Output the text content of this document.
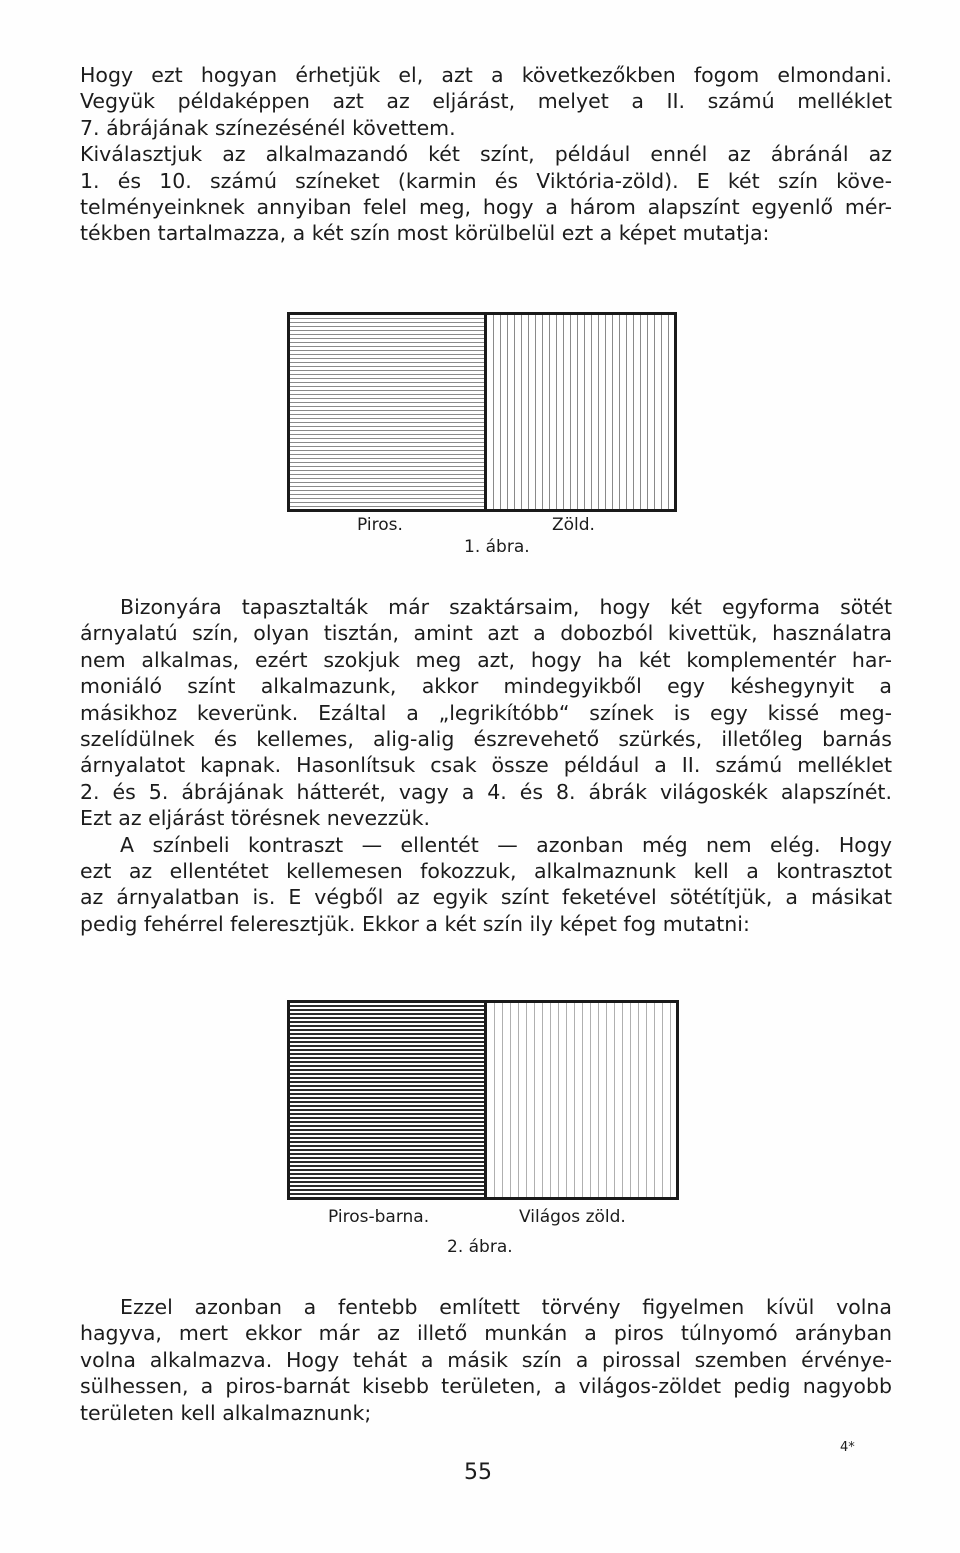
Hogy ezt hogyan érhetjük el, azt a következőkben fogom elmondani.
Vegyük példaképpen azt az eljárást, melyet a II. számú melléklet
7. ábrájának színezésénél követtem.
Kiválasztjuk az alkalmazandó két színt, például ennél az ábránál az
1. és 10. számú színeket (karmin és Viktória-zöld). E két szín köve-
telményeinknek annyiban felel meg, hogy a három alapszínt egyenlő mér-
tékben tartalmazza, a két szín most körülbelül ezt a képet mutatja:
Piros.	Zöld.
1. ábra.
Bizonyára tapasztalták már szaktársaim, hogy két egyforma sötét
árnyalatú szín, olyan tisztán, amint azt a dobozból kivettük, használatra
nem alkalmas, ezért szokjuk meg azt, hogy ha két komplementér har-
moniáló színt alkalmazunk, akkor mindegyikből egy késhegynyit a
másikhoz keverünk. Ezáltal a „legrikítóbb“ színek is egy kissé meg-
szelídülnek és kellemes, alig-alig észrevehető szürkés, illetőleg barnás
árnyalatot kapnak. Hasonlítsuk csak össze például a II. számú melléklet
2. és 5. ábrájának hátterét, vagy a 4. és 8. ábrák világoskék alapszínét.
Ezt az eljárást törésnek nevezzük.
A színbeli kontraszt — ellentét — azonban még nem elég. Hogy
ezt az ellentétet kellemesen fokozzuk, alkalmaznunk kell a kontrasztot
az árnyalatban is. E végből az egyik színt feketével sötétítjük, a másikat
pedig fehérrel feleresztjük. Ekkor a két szín ily képet fog mutatni:
Piros-barna.	Világos zöld.
2. ábra.
Ezzel azonban a fentebb említett törvény figyelmen kívül volna
hagyva, mert ekkor már az illető munkán a piros túlnyomó arányban
volna alkalmazva. Hogy tehát a másik szín a pirossal szemben érvénye-
sülhessen, a piros-barnát kisebb területen, a világos-zöldet pedig nagyobb
területen kell alkalmaznunk;
4*
55
